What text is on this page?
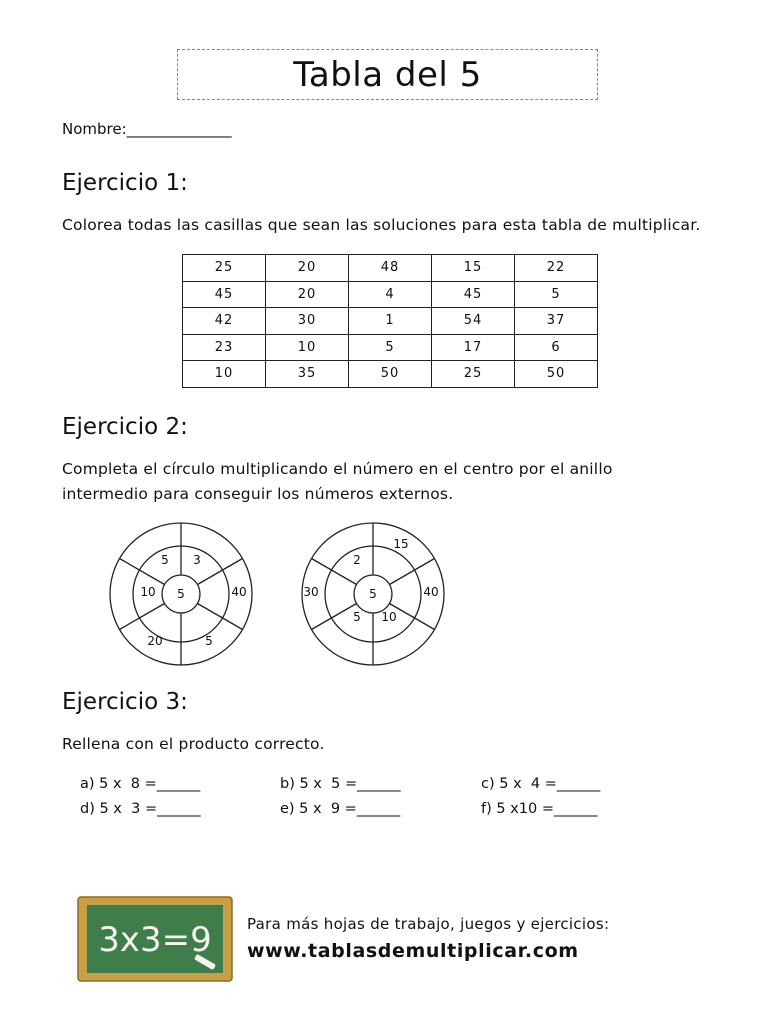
Tabla del 5
Nombre:______________
Ejercicio 1:
Colorea todas las casillas que sean las soluciones para esta tabla de multiplicar.
25	20	48	15	22
45	20	4	45	5
42	30	1	54	37
23	10	5	17	6
10	35	50	25	50
Ejercicio 2:
Completa el círculo multiplicando el número en el centro por el anillo
intermedio para conseguir los números externos.
5
5 3
10	40
20	5
5
15
2
30	40
5 10
Ejercicio 3:
Rellena con el producto correcto.
a) 5 x  8 =______	b) 5 x  5 =______	c) 5 x  4 =______
d) 5 x  3 =______	e) 5 x  9 =______	f) 5 x10 =______
3x3=9 Para más hojas de trabajo, juegos y ejercicios:
www.tablasdemultiplicar.com
